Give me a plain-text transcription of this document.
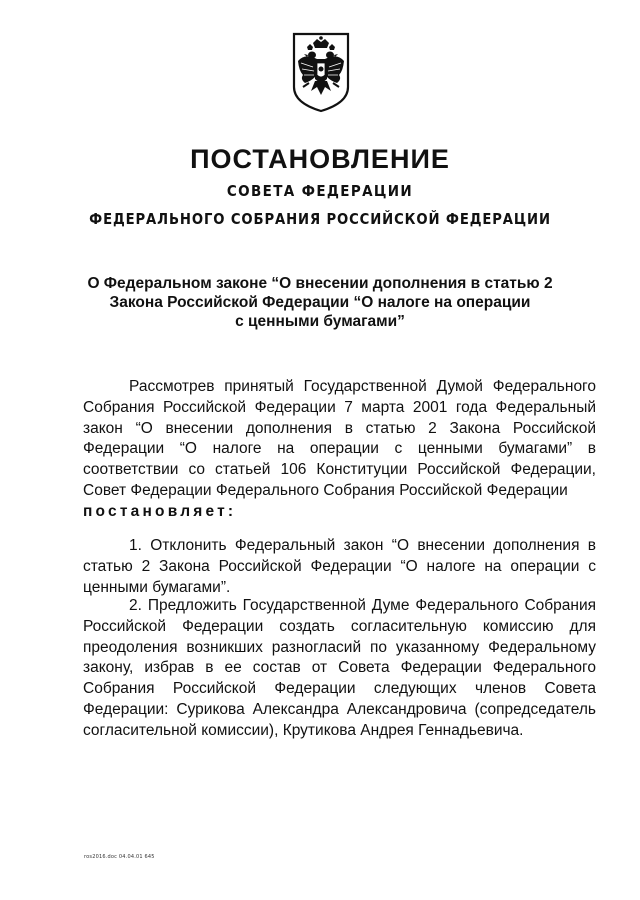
ПОСТАНОВЛЕНИЕ
СОВЕТА ФЕДЕРАЦИИ
ФЕДЕРАЛЬНОГО СОБРАНИЯ РОССИЙСКОЙ ФЕДЕРАЦИИ
О Федеральном законе “О внесении дополнения в статью 2
Закона Российской Федерации “О налоге на операции
с ценными бумагами”

Рассмотрев принятый Государственной Думой Федерального Собрания Российской Федерации 7 марта 2001 года Федеральный закон “О внесении дополнения в статью 2 Закона Российской Федерации “О налоге на операции с ценными бумагами” в соответствии со статьей 106 Конституции Российской Федерации, Совет Федерации Федерального Собрания Российской Федерации
постановляет:

1. Отклонить Федеральный закон “О внесении дополнения в статью 2 Закона Российской Федерации “О налоге на операции с ценными бумагами”.

2. Предложить Государственной Думе Федерального Собрания Российской Федерации создать согласительную комиссию для преодоления возникших разногласий по указанному Федеральному закону, избрав в ее состав от Совета Федерации Федерального Собрания Российской Федерации следующих членов Совета Федерации: Сурикова Александра Александровича (сопредседатель согласительной комиссии), Крутикова Андрея Геннадьевича.

ros2016.doc 04.04.01 645
